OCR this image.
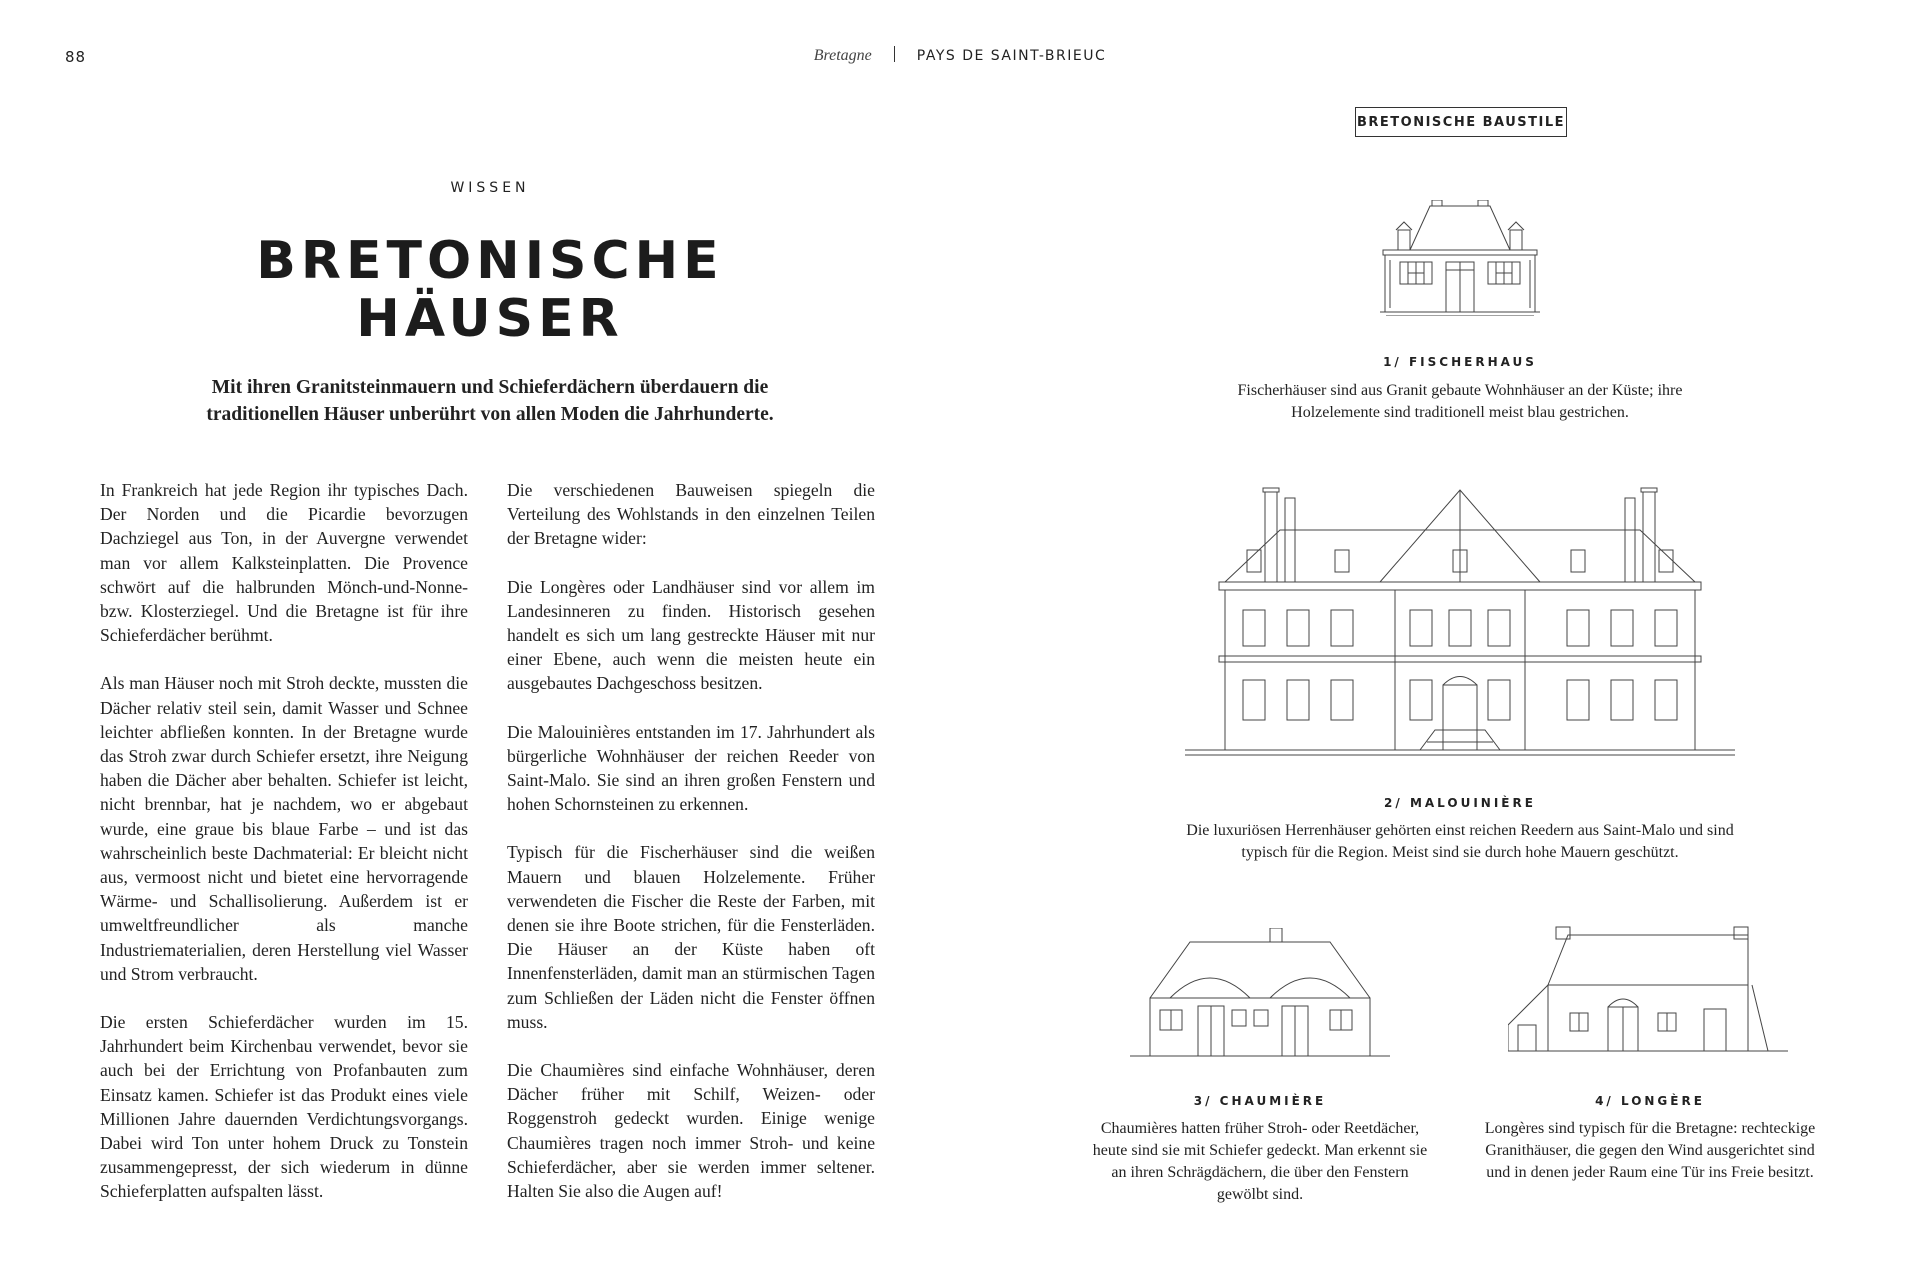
88	Bretagne	PAYS DE SAINT-BRIEUC
WISSEN
BRETONISCHE
HÄUSER

Mit ihren Granitsteinmauern und Schieferdächern überdauern die traditionellen Häuser unberührt von allen Moden die Jahrhunderte.

In Frankreich hat jede Region ihr typisches Dach. Der Norden und die Picardie bevorzugen Dachziegel aus Ton, in der Auvergne verwendet man vor allem Kalksteinplatten. Die Provence schwört auf die halbrunden Mönch-und-Nonne- bzw. Klosterziegel. Und die Bretagne ist für ihre Schieferdächer berühmt.

Als man Häuser noch mit Stroh deckte, mussten die Dächer relativ steil sein, damit Wasser und Schnee leichter abfließen konnten. In der Bretagne wurde das Stroh zwar durch Schiefer ersetzt, ihre Neigung haben die Dächer aber behalten. Schiefer ist leicht, nicht brennbar, hat je nachdem, wo er abgebaut wurde, eine graue bis blaue Farbe – und ist das wahrscheinlich beste Dachmaterial: Er bleicht nicht aus, vermoost nicht und bietet eine hervorragende Wärme- und Schallisolierung. Außerdem ist er umweltfreundlicher als manche Industriematerialien, deren Herstellung viel Wasser und Strom verbraucht.

Die ersten Schieferdächer wurden im 15. Jahrhundert beim Kirchenbau verwendet, bevor sie auch bei der Errichtung von Profanbauten zum Einsatz kamen. Schiefer ist das Produkt eines viele Millionen Jahre dauernden Verdichtungsvorgangs. Dabei wird Ton unter hohem Druck zu Tonstein zusammengepresst, der sich wiederum in dünne Schieferplatten aufspalten lässt.

Die verschiedenen Bauweisen spiegeln die Verteilung des Wohlstands in den einzelnen Teilen der Bretagne wider:

Die Longères oder Landhäuser sind vor allem im Landesinneren zu finden. Historisch gesehen handelt es sich um lang gestreckte Häuser mit nur einer Ebene, auch wenn die meisten heute ein ausgebautes Dachgeschoss besitzen.

Die Malouinières entstanden im 17. Jahrhundert als bürgerliche Wohnhäuser der reichen Reeder von Saint-Malo. Sie sind an ihren großen Fenstern und hohen Schornsteinen zu erkennen.

Typisch für die Fischerhäuser sind die weißen Mauern und blauen Holzelemente. Früher verwendeten die Fischer die Reste der Farben, mit denen sie ihre Boote strichen, für die Fensterläden. Die Häuser an der Küste haben oft Innenfensterläden, damit man an stürmischen Tagen zum Schließen der Läden nicht die Fenster öffnen muss.

Die Chaumières sind einfache Wohnhäuser, deren Dächer früher mit Schilf, Weizen- oder Roggenstroh gedeckt wurden. Einige wenige Chaumières tragen noch immer Stroh- und keine Schieferdächer, aber sie werden immer seltener. Halten Sie also die Augen auf!

BRETONISCHE BAUSTILE
1/ FISCHERHAUS

Fischerhäuser sind aus Granit gebaute Wohnhäuser an der Küste; ihre Holzelemente sind traditionell meist blau gestrichen.

2/ MALOUINIÈRE

Die luxuriösen Herrenhäuser gehörten einst reichen Reedern aus Saint-Malo und sind typisch für die Region. Meist sind sie durch hohe Mauern geschützt.

3/ CHAUMIÈRE

Chaumières hatten früher Stroh- oder Reetdächer, heute sind sie mit Schiefer gedeckt. Man erkennt sie an ihren Schrägdächern, die über den Fenstern gewölbt sind.

4/ LONGÈRE

Longères sind typisch für die Bretagne: rechteckige Granithäuser, die gegen den Wind ausgerichtet sind und in denen jeder Raum eine Tür ins Freie besitzt.
